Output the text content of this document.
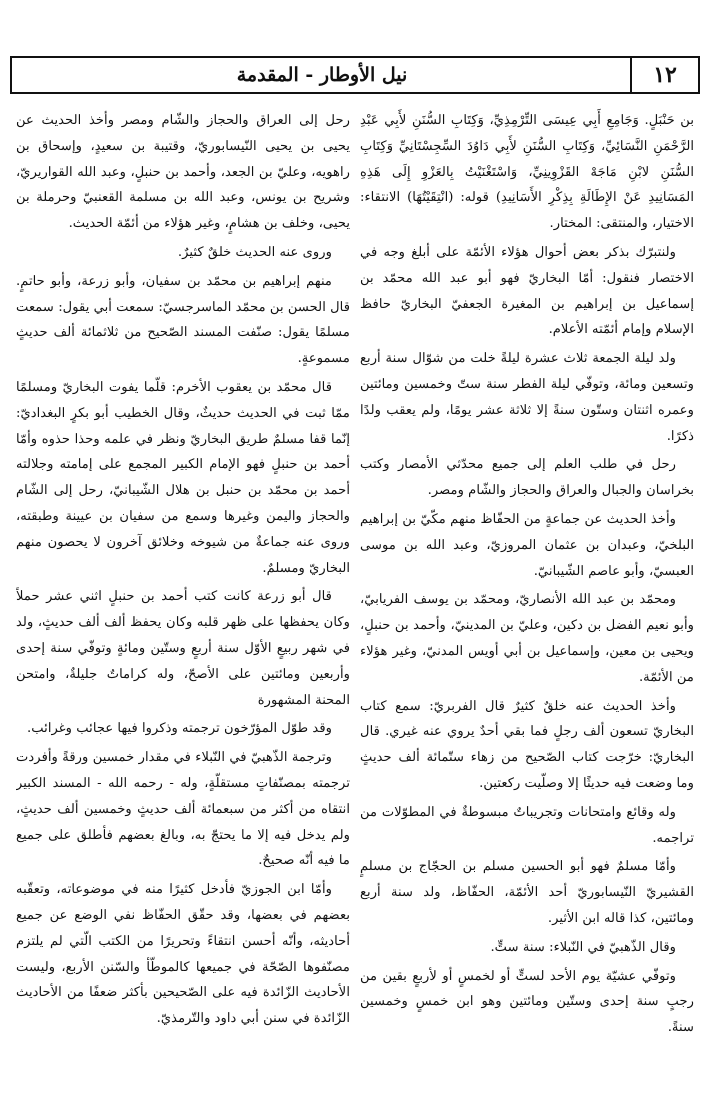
١٢
نيل الأوطار - المقدمة

بن حَنْبَلٍ. وَجَامِعِ أَبِي عِيسَى التِّرْمِذِيِّ، وَكِتَابِ السُّنَنِ لأَبِي عَبْدِ الرَّحْمَنِ النَّسَائِيِّ، وَكِتَابِ السُّنَنِ لأَبِي دَاوُدَ السِّجِسْتَانِيِّ وَكِتَابِ السُّنَنِ لابْنِ مَاجَهْ القَزْوِينِيِّ، وَاسْتَغْنَيْتُ بِالعَزْوِ إِلَى هَذِهِ المَسَانِيدِ عَنْ الإِطَالَةِ بِذِكْرِ الأَسَانِيدِ) قوله: (انْتِقَيْتُهَا) الانتقاء: الاختيار، والمنتقى: المختار.

ولنتبرّك بذكر بعض أحوال هؤلاء الأئمّة على أبلغ وجه في الاختصار فنقول: أمّا البخاريّ فهو أبو عبد الله محمّد بن إسماعيل بن إبراهيم بن المغيرة الجعفيّ البخاريّ حافظ الإسلام وإمام أئمّته الأعلام.

ولد ليلة الجمعة ثلاث عشرة ليلةً خلت من شوّال سنة أربع وتسعين ومائة، وتوفّي ليلة الفطر سنة ستّ وخمسين ومائتين وعمره اثنتان وستّون سنةً إلا ثلاثة عشر يومًا، ولم يعقب ولدًا ذكرًا.

رحل في طلب العلم إلى جميع محدّثي الأمصار وكتب بخراسان والجبال والعراق والحجاز والشّام ومصر.

وأخذ الحديث عن جماعةٍ من الحفّاظ منهم مكّيّ بن إبراهيم البلخيّ، وعبدان بن عثمان المروزيّ، وعبد الله بن موسى العبسيّ، وأبو عاصم الشّيبانيّ.

ومحمّد بن عبد الله الأنصاريّ، ومحمّد بن يوسف الفريابيّ، وأبو نعيم الفضل بن دكين، وعليّ بن المدينيّ، وأحمد بن حنبلٍ، ويحيى بن معين، وإسماعيل بن أبي أويس المدنيّ، وغير هؤلاء من الأئمّة.

وأخذ الحديث عنه خلقٌ كثيرٌ قال الفربريّ: سمع كتاب البخاريّ تسعون ألف رجلٍ فما بقي أحدٌ يروي عنه غيري. قال البخاريّ: خرّجت كتاب الصّحيح من زهاء ستّمائة ألف حديثٍ وما وضعت فيه حديثًا إلا وصلّيت ركعتين.

وله وقائع وامتحانات وتجريباتٌ مبسوطةٌ في المطوّلات من تراجمه.

وأمّا مسلمٌ فهو أبو الحسين مسلم بن الحجّاج بن مسلمٍ القشيريّ النّيسابوريّ أحد الأئمّة، الحفّاظ، ولد سنة أربع ومائتين، كذا قاله ابن الأثير.

وقال الذّهبيّ في النّبلاء: سنة ستٍّ.

وتوفّي عشيّة يوم الأحد لستٍّ أو لخمسٍ أو لأربعٍ بقين من رجبٍ سنة إحدى وستّين ومائتين وهو ابن خمسٍ وخمسين سنةً.

رحل إلى العراق والحجاز والشّام ومصر وأخذ الحديث عن يحيى بن يحيى النّيسابوريّ، وقتيبة بن سعيدٍ، وإسحاق بن راهويه، وعليّ بن الجعد، وأحمد بن حنبلٍ، وعبد الله القواريريّ، وشريح بن يونس، وعبد الله بن مسلمة القعنبيّ وحرملة بن يحيى، وخلف بن هشامٍ، وغير هؤلاء من أئمّة الحديث.

وروى عنه الحديث خلقٌ كثيرٌ.

منهم إبراهيم بن محمّد بن سفيان، وأبو زرعة، وأبو حاتمٍ. قال الحسن بن محمّد الماسرجسيّ: سمعت أبي يقول: سمعت مسلمًا يقول: صنّفت المسند الصّحيح من ثلاثمائة ألف حديثٍ مسموعةٍ.

قال محمّد بن يعقوب الأخرم: قلّما يفوت البخاريّ ومسلمًا ممّا ثبت في الحديث حديثٌ، وقال الخطيب أبو بكرٍ البغداديّ: إنّما قفا مسلمٌ طريق البخاريّ ونظر في علمه وحذا حذوه وأمّا أحمد بن حنبلٍ فهو الإمام الكبير المجمع على إمامته وجلالته أحمد بن محمّد بن حنبل بن هلال الشّيبانيّ، رحل إلى الشّام والحجاز واليمن وغيرها وسمع من سفيان بن عيينة وطبقته، وروى عنه جماعةٌ من شيوخه وخلائق آخرون لا يحصون منهم البخاريّ ومسلمٌ.

قال أبو زرعة كانت كتب أحمد بن حنبلٍ اثني عشر حملاً وكان يحفظها على ظهر قلبه وكان يحفظ ألف ألف حديثٍ، ولد في شهر ربيعٍ الأوّل سنة أربعٍ وستّين ومائةٍ وتوفّي سنة إحدى وأربعين ومائتين على الأصحّ، وله كراماتٌ جليلةٌ، وامتحن المحنة المشهورة

وقد طوّل المؤرّخون ترجمته وذكروا فيها عجائب وغرائب.

وترجمة الذّهبيّ في النّبلاء في مقدار خمسين ورقةً وأفردت ترجمته بمصنّفاتٍ مستقلّةٍ، وله - رحمه الله - المسند الكبير انتقاه من أكثر من سبعمائة ألف حديثٍ وخمسين ألف حديثٍ، ولم يدخل فيه إلا ما يحتجّ به، وبالغ بعضهم فأطلق على جميع ما فيه أنّه صحيحٌ.

وأمّا ابن الجوزيّ فأدخل كثيرًا منه في موضوعاته، وتعقّبه بعضهم في بعضها، وقد حقّق الحفّاظ نفي الوضع عن جميع أحاديثه، وأنّه أحسن انتقاءً وتحريرًا من الكتب الّتي لم يلتزم مصنّفوها الصّحّة في جميعها كالموطّأ والسّنن الأربع، وليست الأحاديث الزّائدة فيه على الصّحيحين بأكثر ضعفًا من الأحاديث الزّائدة في سنن أبي داود والتّرمذيّ.
